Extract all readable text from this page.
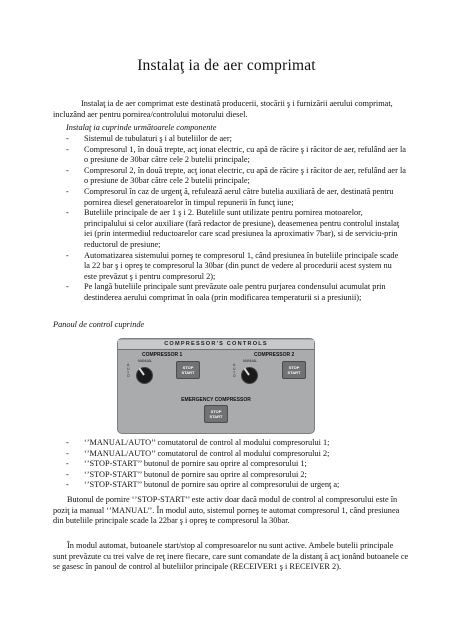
Instalaţ ia de aer comprimat
Instalaţ ia de aer comprimat este destinată producerii, stocării ş i furnizării aerului comprimat, incluzând aer pentru pornirea/controlului motorului diesel.
Instalaţ ia cuprinde următoarele componente
- Sistemul de tubulaturi ş i al buteliilor de aer;
- Compresorul 1, în două trepte, acţ ionat electric, cu apă de răcire ş i răcitor de aer, refulând aer la o presiune de 30bar către cele 2 butelii principale;
- Compresorul 2, în două trepte, acţ ionat electric, cu apă de răcire ş i răcitor de aer, refulând aer la o presiune de 30bar către cele 2 butelii principale;
- Compresorul în caz de urgenţ ă, refulează aerul către butelia auxiliară de aer, destinată pentru pornirea diesel generatoarelor în timpul repunerii în funcţ iune;
- Buteliile principale de aer 1 ş i 2. Buteliile sunt utilizate pentru pornirea motoarelor, principalului si celor auxiliare (fară redactor de presiune), deasemenea pentru controlul instalaţ iei (prin intermediul reductoarelor care scad presiunea la aproximativ 7bar), si de serviciu-prin reductorul de presiune;
- Automatizarea sistemului porneş te compresorul 1, când presiunea în buteliile principale scade la 22 bar ş i opreş te compresorul la 30bar (din punct de vedere al procedurii acest system nu este prevăzut ş i pentru compresorul 2);
- Pe langă buteliile principale sunt prevăzute oale pentru purjarea condensului acumulat prin destinderea aerului comprimat în oala (prin modificarea temperaturii si a presiunii);
Panoul de control cuprinde
COMPRESSOR'S CONTROLS
COMPRESSOR 1
MANUAL
A
U
T
O
STOP
START
COMPRESSOR 2
MANUAL
A
U
T
O
STOP
START
EMERGENCY COMPRESSOR
STOP
START
- ‘’MANUAL/AUTO’’ comutatorul de control al modului compresorului 1;
- ‘’MANUAL/AUTO’’ comutatorul de control al modului compresorului 2;
- ‘’STOP-START’’ butonul de pornire sau oprire al compresorului 1;
- ‘’STOP-START’’ butonul de pornire sau oprire al compresorului 2;
- ‘’STOP-START’’ butonul de pornire sau oprire al compresorului de urgenţ a;
Butonul de pornire ‘’STOP-START’’ este activ doar dacă modul de control al compresorului este în poziţ ia manual ‘’MANUAL’’. În modul auto, sistemul porneş te automat compresorul 1, când presiunea din buteliile principale scade la 22bar ş i opreş te compresorul la 30bar.
În modul automat, butoanele start/stop al compresoarelor nu sunt active. Ambele butelii principale sunt prevăzute cu trei valve de reţ inere fiecare, care sunt comandate de la distanţ ă acţ ionând butoanele ce se gasesc în panoul de control al buteliilor principale (RECEIVER1 ş i RECEIVER 2).
